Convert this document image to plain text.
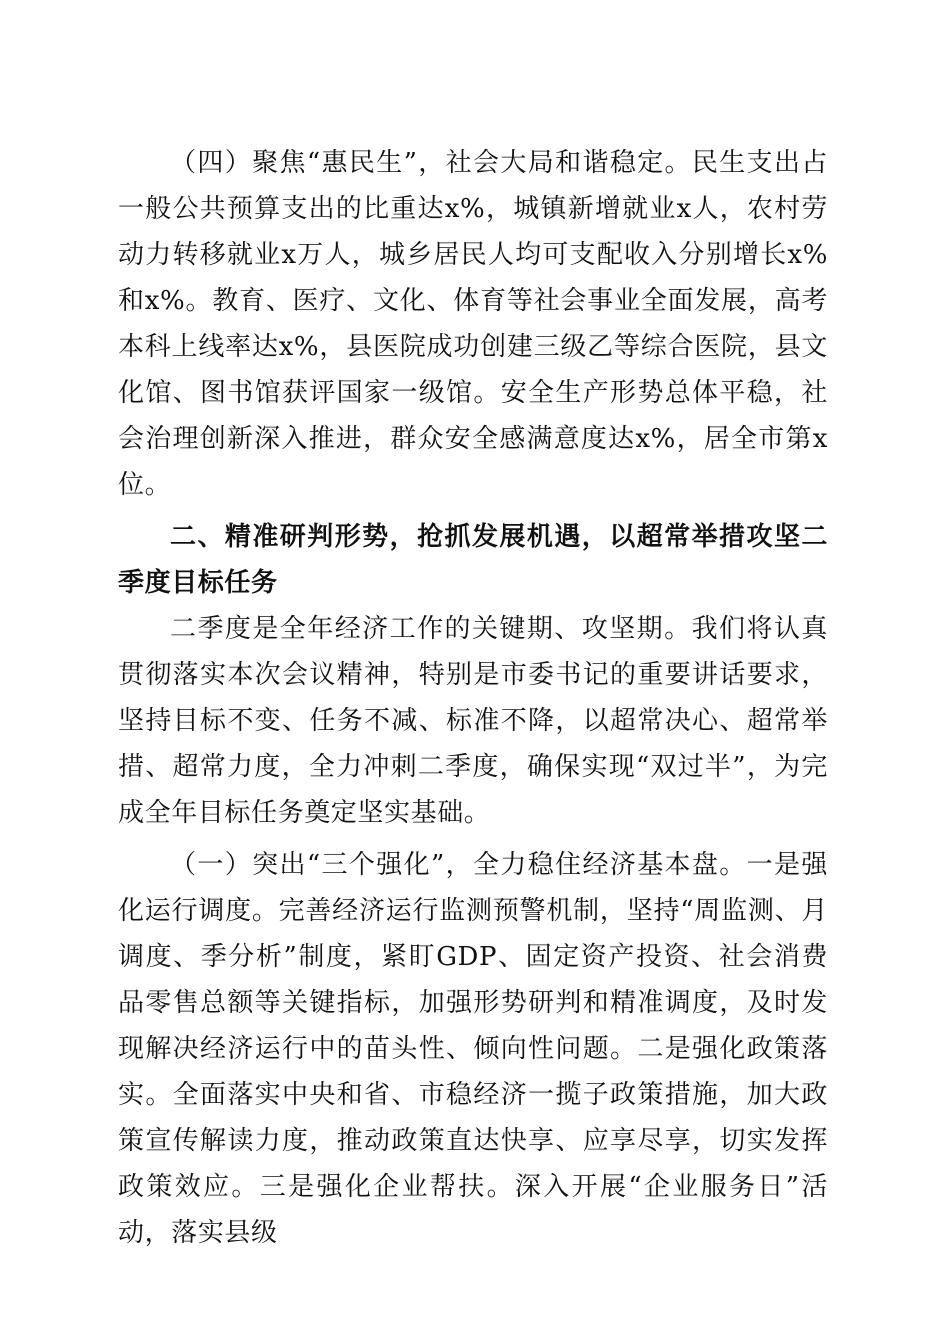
（四）聚焦“惠民生”，社会大局和谐稳定。民生支出占一般公共预算支出的比重达x%，城镇新增就业x人，农村劳动力转移就业x万人，城乡居民人均可支配收入分别增长x%和x%。教育、医疗、文化、体育等社会事业全面发展，高考本科上线率达x%，县医院成功创建三级乙等综合医院，县文化馆、图书馆获评国家一级馆。安全生产形势总体平稳，社会治理创新深入推进，群众安全感满意度达x%，居全市第x位。

二、精准研判形势，抢抓发展机遇，以超常举措攻坚二季度目标任务

二季度是全年经济工作的关键期、攻坚期。我们将认真贯彻落实本次会议精神，特别是市委书记的重要讲话要求，坚持目标不变、任务不减、标准不降，以超常决心、超常举措、超常力度，全力冲刺二季度，确保实现“双过半”，为完成全年目标任务奠定坚实基础。

（一）突出“三个强化”，全力稳住经济基本盘。一是强化运行调度。完善经济运行监测预警机制，坚持“周监测、月调度、季分析”制度，紧盯GDP、固定资产投资、社会消费品零售总额等关键指标，加强形势研判和精准调度，及时发现解决经济运行中的苗头性、倾向性问题。二是强化政策落实。全面落实中央和省、市稳经济一揽子政策措施，加大政策宣传解读力度，推动政策直达快享、应享尽享，切实发挥政策效应。三是强化企业帮扶。深入开展“企业服务日”活动，落实县级
